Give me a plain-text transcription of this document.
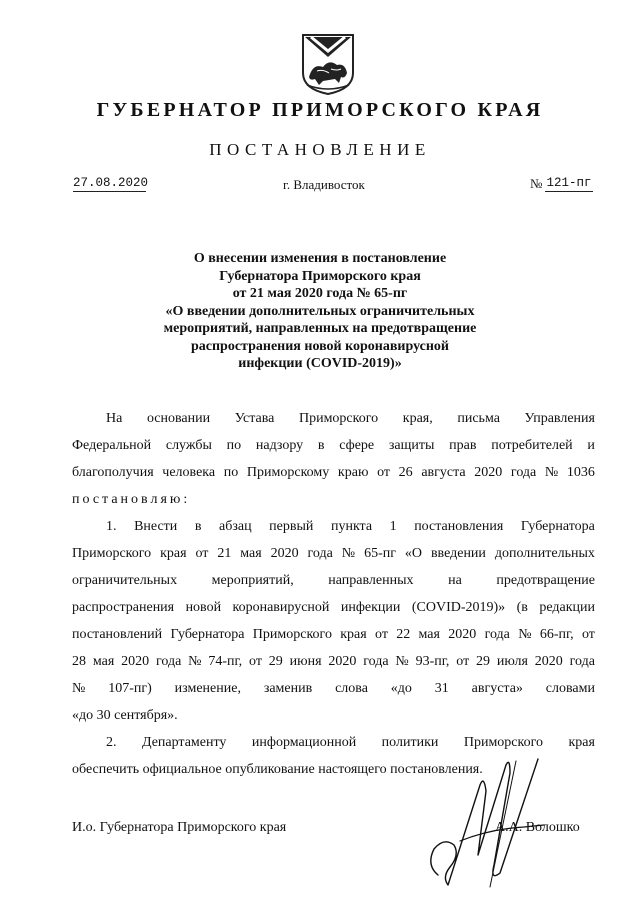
ГУБЕРНАТОР ПРИМОРСКОГО КРАЯ
ПОСТАНОВЛЕНИЕ
27.08.2020	г. Владивосток	№ 121-пг
О внесении изменения в постановление
Губернатора Приморского края
от 21 мая 2020 года № 65-пг
«О введении дополнительных ограничительных
мероприятий, направленных на предотвращение
распространения новой коронавирусной
инфекции (COVID-2019)»
На основании Устава Приморского края, письма Управления
Федеральной службы по надзору в сфере защиты прав потребителей и
благополучия человека по Приморскому краю от 26 августа 2020 года № 1036
постановляю:
1. Внести в абзац первый пункта 1 постановления Губернатора
Приморского края от 21 мая 2020 года № 65-пг «О введении дополнительных
ограничительных мероприятий, направленных на предотвращение
распространения новой коронавирусной инфекции (COVID-2019)» (в редакции
постановлений Губернатора Приморского края от 22 мая 2020 года № 66-пг, от
28 мая 2020 года № 74-пг, от 29 июня 2020 года № 93-пг, от 29 июля 2020 года
№ 107-пг) изменение, заменив слова «до 31 августа» словами
«до 30 сентября».
2. Департаменту информационной политики Приморского края
обеспечить официальное опубликование настоящего постановления.
И.о. Губернатора Приморского края	А.А. Волошко
